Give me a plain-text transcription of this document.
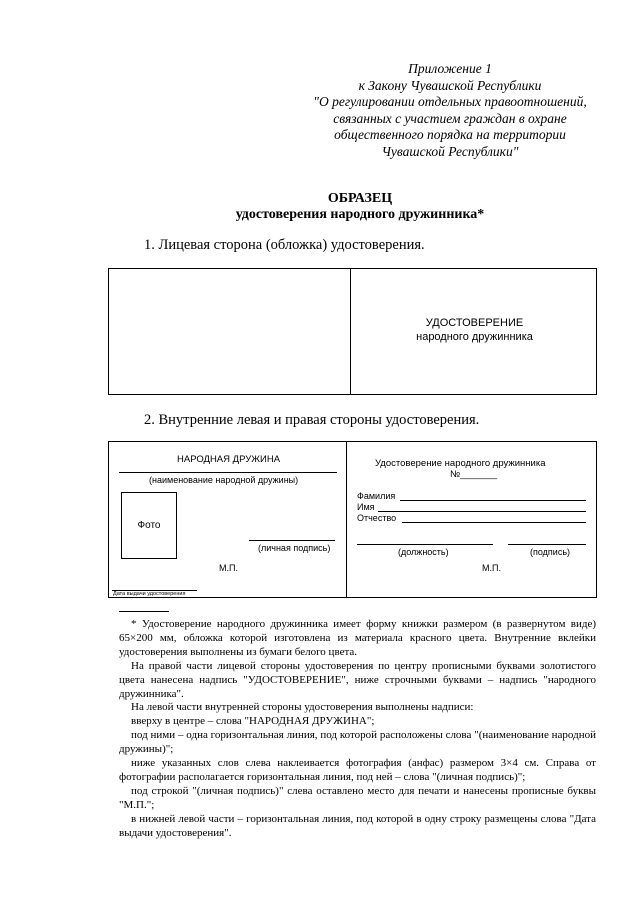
Приложение 1
к Закону Чувашской Республики
"О регулировании отдельных правоотношений,
связанных с участием граждан в охране
общественного порядка на территории
Чувашской Республики"
ОБРАЗЕЦ
удостоверения народного дружинника*
1. Лицевая сторона (обложка) удостоверения.
УДОСТОВЕРЕНИЕ
народного дружинника
2. Внутренние левая и правая стороны удостоверения.
НАРОДНАЯ ДРУЖИНА
(наименование народной дружины)
Фото
(личная подпись)
М.П.
Дата выдачи удостоверения
Удостоверение народного дружинника
№_______
Фамилия
Имя
Отчество
(должность)	(подпись)
М.П.

* Удостоверение народного дружинника имеет форму книжки размером (в развернутом виде) 65×200 мм, обложка которой изготовлена из материала красного цвета. Внутренние вклейки удостоверения выполнены из бумаги белого цвета.

На правой части лицевой стороны удостоверения по центру прописными буквами золотистого цвета нанесена надпись "УДОСТОВЕРЕНИЕ", ниже строчными буквами – надпись "народного дружинника".

На левой части внутренней стороны удостоверения выполнены надписи:

вверху в центре – слова "НАРОДНАЯ ДРУЖИНА";

под ними – одна горизонтальная линия, под которой расположены слова "(наименование народной дружины)";

ниже указанных слов слева наклеивается фотография (анфас) размером 3×4 см. Справа от фотографии располагается горизонтальная линия, под ней – слова "(личная подпись)";

под строкой "(личная подпись)" слева оставлено место для печати и нанесены прописные буквы "М.П.";

в нижней левой части – горизонтальная линия, под которой в одну строку размещены слова "Дата выдачи удостоверения".
